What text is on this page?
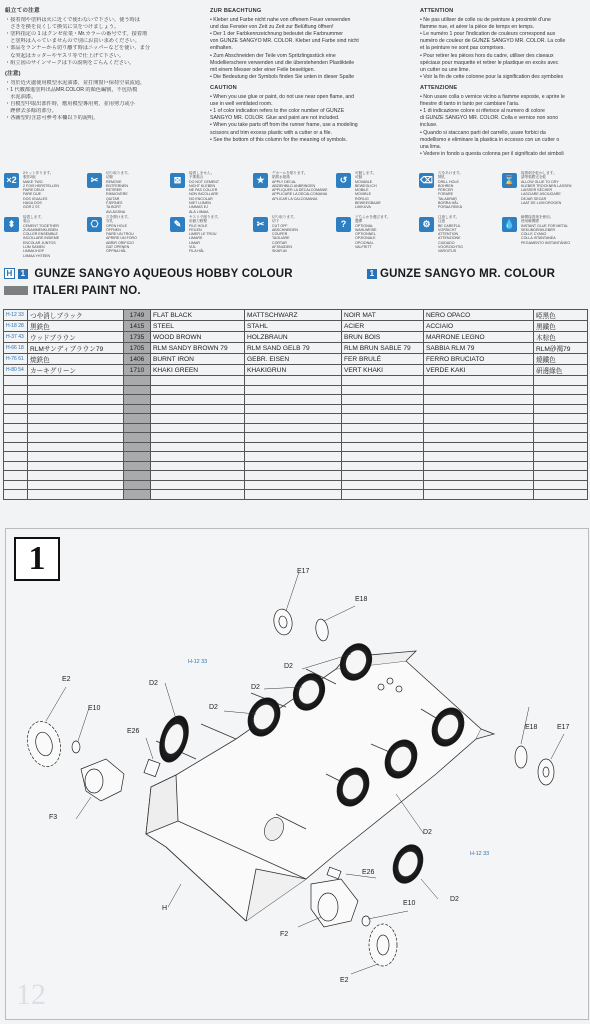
組立ての注意
・接着剤や塗料は火に近くで使わないで下さい。使う時は
　さきを換を良くして換気に気をつけましょう。
・塗料指定の 1 はクンゼ産業・Mr.カラーの番号です。接着剤
　と塗料は入っていませんので別にお買い求めください。
・部品をランナーから切り離す時はニッパーなどを使い、ま分
　な突起はカッターやヤスリ等で仕上げて下さい。
・組立図のサインマークは下の説明をごらんください。
(注意)
・勿於近火處使用模型水泥油漆，並打開窗戶保持空氣流通。
・1 代數都進塗料出品MR.COLOR 的顏色編號，不包括模
　水泥油漆。
・自模型中取出部件時，應用模型專用剪，並用剪刀或小
　銼修去多餘的部分。
・各圖型的含意可參考本欄以下的說明。
ZUR BEACHTUNG
• Kleber und Farbe nicht nahe von offenem Feuer verwenden
und das Fenster von Zeit zu Zeit zur Belüftung öffnen!
• Der 1 der Farbkennzeichnung bedeutet die Farbnummer
von GUNZE SANGYO MR. COLOR. Kleber und Farbe sind nicht
enthalten.
• Zum Abschneiden der Teile vom Spritzlingsstück eine
Modellierschere verwenden und die überstehenden Plastikteile
mit einem Messer oder einer Feile beseitigen.
• Die Bedeutung der Symbols finden Sie unten in dieser Spalte
CAUTION
• When you use glue or paint, do not use near open flame, and
use in well ventilated room.
• 1 of color indication refers to the color number of GUNZE
SANGYO MR. COLOR. Glue and paint are not included.
• When you take parts off from the runner frame, use a modeling
scissors and trim excess plastic with a cutter or a file.
• See the bottom of this column for the meaning of symbols.
ATTENTION
• Ne pas utiliser de colle ou de peinture à proximité d'une
flamme nue, et aérer la pièce de temps en temps.
• Le numéro 1 pour l'indication de couleurs correspond aux
numéro de couleur de GUNZE SANGYO MR. COLOR. La colle
et la peinture ne sont pas comprises.
• Pour retirer les pièces hors du cadre, utiliser des ciseaux
spéciaux pour maquette et retirer le plastique en excès avec
un cutter ou une lime.
• Voir la fin de cette colonne pour la signification des symboles
ATTENZIONE
• Non usare colla o vernice vicino a fiamme esposte, e aprire le
finestre di tanto in tanto per cambiare l'aria.
• 1 di indicazione colore si riferisce al numero di colore
di GUNZE SANGYO MR. COLOR. Colla e vernice non sono
incluse.
• Quando si staccano parti del carrello, usare forbici da
modellismo e eliminare la plastica in eccesso con un cutter o
una lima.
• Vedere in fondo a questa colonna per il significato dei simboli
×2
2セット作ります。
製作2組
MAKE TWO
2 FOIS HERSTELLEN
FAIRE DEUX
FARE DUE
DOS IGUALES
HAGA DOS
GÖR 2 ST.
✂
切り取ります。
切除
REMOVE
ENTFERNEN
RETIRER
RIMUOVERE
QUITAR
FJERNES
TA BORT
AVLÄGSNA

⊠
接着しません。
不要黏合
DO NOT CEMENT
NICHT KLEBEN
NE PAS COLLER
NON INCOLLARE
NO ENCOLAR
NIET LIJMEN
LIMMAS EJ
ÄLÄ LIIMAA
★
デカールを貼ります。
貼附水貼紙
APPLY DECAL
ABZIEHBILD ANBRINGEN
APPLIQUER LA DÉCALCOMANIE
APPLICARE LA DECALCOMANIA
APLICAR LA CALCOMANIA
↺
可動します。
可動
MOVABLE
BEWEGLICH
MOBILE
MOVIBLE
RÖRLIG
BEWEEGBAAR
LIIKKUVA
⌫
穴をあけます。
開孔
DRILL HOLE
BOHREN
PERCER
FORARE
TALADRAR
BORRA HÅL
PORAA REIKÄ
⌛
接着剤を乾かします。
請等黏膠完全乾
ALLOW GLUE TO DRY
KLEBER TROCKNEN LASSEN
LAISSER SÉCHER
LASCIARE ASCIUGARE
DEJAR SECAR
LAAT DE LIJM DROGEN
⬍
接着します。
黏合
CEMENT TOGETHER
ZUSAMMENKLEBEN
COLLER ENSEMBLE
INCOLLARE INSIEME
ENCOLAR JUNTOS
LIJM SAMEN
LIMMA IHOP
LIIMAA YHTEEN
⎔
穴を開けます。
穿孔
OPEN HOLE
ÖFFNEN
FAIRE UN TROU
APRIRE UN FORO
ABRIR ORIFICIO
GAT OPENEN
ÖPPNA HÅL
✎
ヤスリで削ります。
用銼刀修整
FILE HOLE
FEILEN
LIMER LE TROU
LIMARE
LIMAR
VIJL
FILA HÅL
✂
切り取ります。
切下
CUT OFF
ABSCHNEIDEN
COUPER
TAGLIARE
CORTAR
AFSNIJDEN
SKÄR AV
?
どちらかを選びます。
選擇
OPTIONAL
WAHLWEISE
OPTIONNEL
OPZIONALE
OPCIONAL
VALFRITT
⚙
注意します。
注意
BE CAREFUL
VORSICHT
ATTENTION
ATTENZIONE
CUIDADO
VOORZICHTIG
VAROITUS
💧
瞬間接着剤を使用。
使用瞬間膠
INSTANT GLUE FOR METAL
SEKUNDENKLEBER
COLLE CYANO
COLLA ISTANTANEA
PEGAMENTO INSTANTÁNEO
H 1 GUNZE SANGYO AQUEOUS HOBBY COLOUR
ITALERI PAINT NO.
1 GUNZE SANGYO MR. COLOUR
H-12 33	つや消しブラック	1749	FLAT BLACK	MATTSCHWARZ	NOIR MAT	NERO OPACO	啞黑色
H-18 28	黒鉄色	1415	STEEL	STAHL	ACIER	ACCIAIO	黑鐵色
H-37 43	ウッドブラウン	1735	WOOD BROWN	HOLZBRAUN	BRUN BOIS	MARRONE LEGNO	木棕色
H-66 18	RLMサンディブラウン79	1705	RLM SANDY BROWN 79	RLM SAND GELB 79	RLM BRUN SABLE 79	SABBIA RLM 79	RLM砂褐79
H-76 61	焼鉄色	1406	BURNT IRON	GEBR. EISEN	FER BRULÉ	FERRO BRUCIATO	燒鐵色
H-80 54	カーキグリーン	1710	KHAKI GREEN	KHAKIGRUN	VERT KHAKI	VERDE KAKI	研邊綠色

1
12
E17
E18
D2
D2
D2
D2
D2
D2
E2
E10
E26
F3
H
E18	E17
E26
E10
F2
E2
H-12 33
H-12 33
